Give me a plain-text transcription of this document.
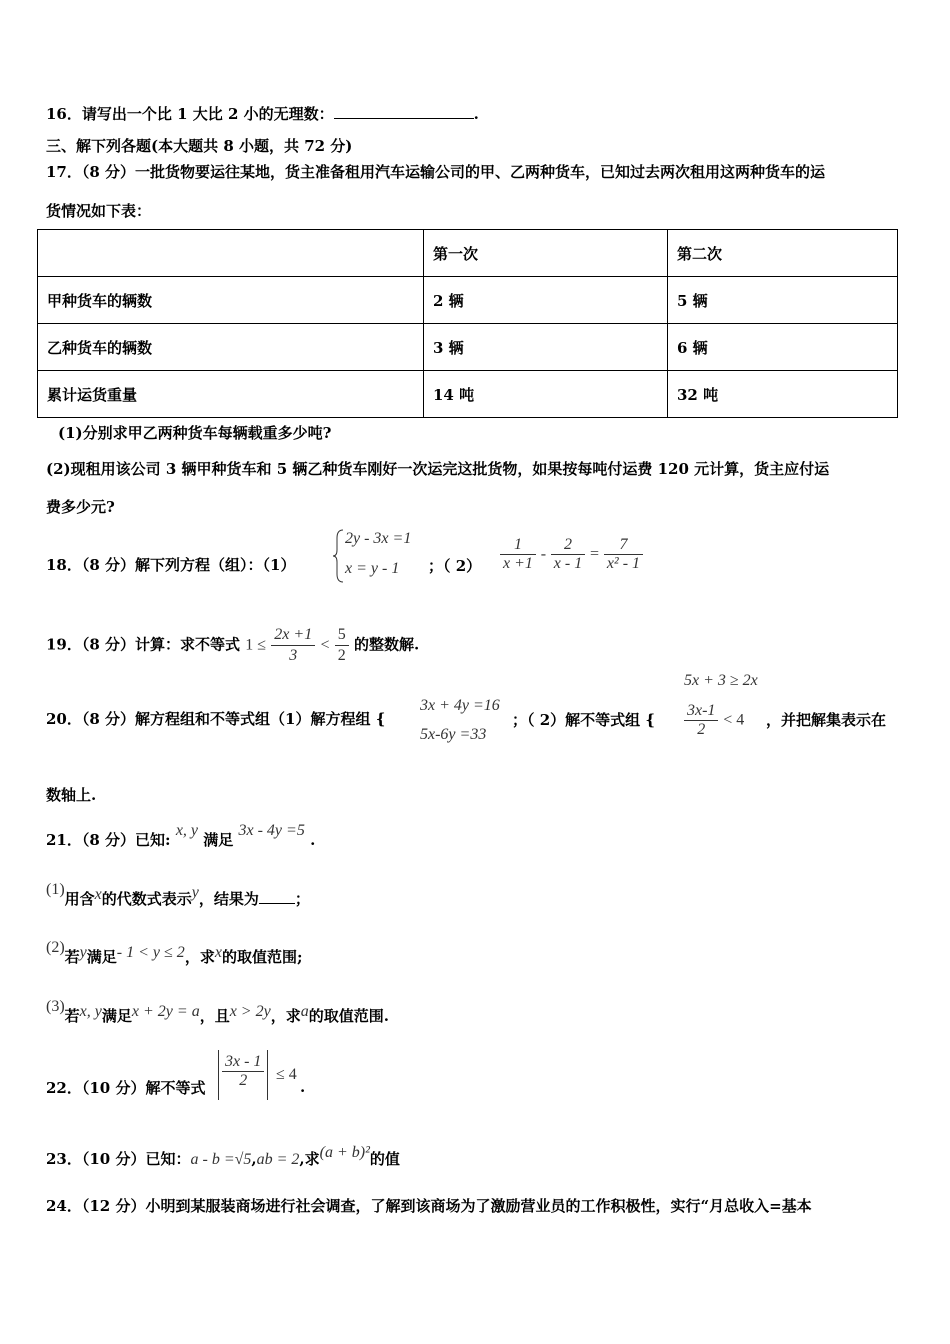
16．请写出一个比 1 大比 2 小的无理数：	.
三、解下列各题(本大题共 8 小题，共 72 分)
17．（8 分）一批货物要运往某地，货主准备租用汽车运输公司的甲、乙两种货车，已知过去两次租用这两种货车的运
货情况如下表：
	第一次	第二次
甲种货车的辆数	2 辆	5 辆
乙种货车的辆数	3 辆	6 辆
累计运货重量	14 吨	32 吨
(1)分别求甲乙两种货车每辆载重多少吨?
(2)现租用该公司 3 辆甲种货车和 5 辆乙种货车刚好一次运完这批货物，如果按每吨付运费 120 元计算，货主应付运
费多少元?
18．（8 分）解下列方程（组）：（1）
2y - 3x =1
x = y - 1 ；（ $2) \frac{1}{x +1} - \frac{2}{x - 1} = \frac{7}{\text{x² - 1}}$
19．（8 分）计算：求不等式 $1 \le \frac{2x +1}{3} < \frac{5}{2}$ 的整数解.
5x + 3 ≥ 2x
20．（8 分）解方程组和不等式组（1）解方程组 {
3x + 4y =16
5x-6y =33
；（ 2）解不等式组 { $\frac{3x-1}{2} < 4$ ，并把解集表示在
数轴上.
21．（8 分）已知: x, y 满足 3x - 4y =5 .
(1)用含x的代数式表示y，结果为 ；
(2)若y满足- 1 < y ≤ 2，求x的取值范围;
(3)若x, y满足x + 2y = a，且x > 2y，求a的取值范围.
22．（10 分）解不等式 $\frac{3x - 1}{2} \le 4$
.
23．（10 分）已知：a - b =√5,ab = 2,求(a + b)²的值
24．（12 分）小明到某服装商场进行社会调查，了解到该商场为了激励营业员的工作积极性，实行“月总收入=基本
